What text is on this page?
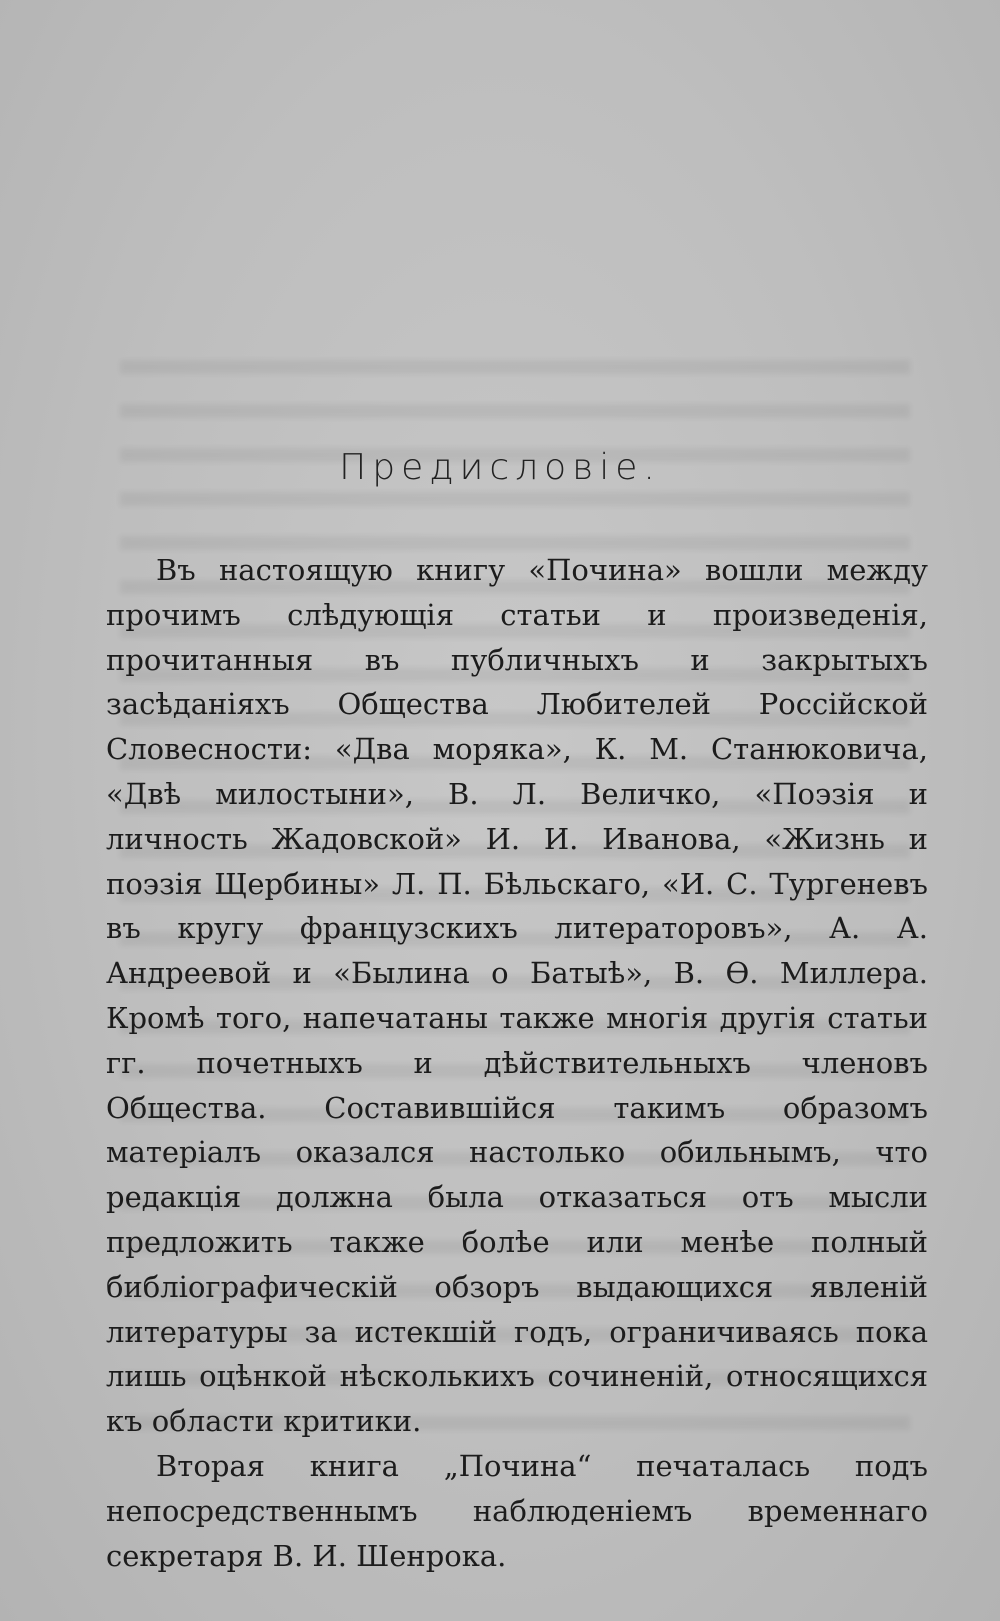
Предисловіе.

Въ настоящую книгу «Почина» вошли между прочимъ слѣдующія статьи и произведенія, прочитанныя въ публичныхъ и закрытыхъ засѣданіяхъ Общества Любителей Россійской Словесности: «Два моряка», К. М. Станюковича, «Двѣ милостыни», В. Л. Величко, «Поэзія и личность Жадовской» И. И. Иванова, «Жизнь и поэзія Щербины» Л. П. Бѣльскаго, «И. С. Тургеневъ въ кругу французскихъ литераторовъ», А. А. Андреевой и «Былина о Батыѣ», В. Ѳ. Миллера. Кромѣ того, напечатаны также многія другія статьи гг. почетныхъ и дѣйствительныхъ членовъ Общества. Составившійся такимъ образомъ матеріалъ оказался настолько обильнымъ, что редакція должна была отказаться отъ мысли предложить также болѣе или менѣе полный библіографическій обзоръ выдающихся явленій литературы за истекшій годъ, ограничиваясь пока лишь оцѣнкой нѣсколькихъ сочиненій, относящихся къ области критики.

Вторая книга „Почина“ печаталась подъ непосредственнымъ наблюденіемъ временнаго секретаря В. И. Шенрока.
